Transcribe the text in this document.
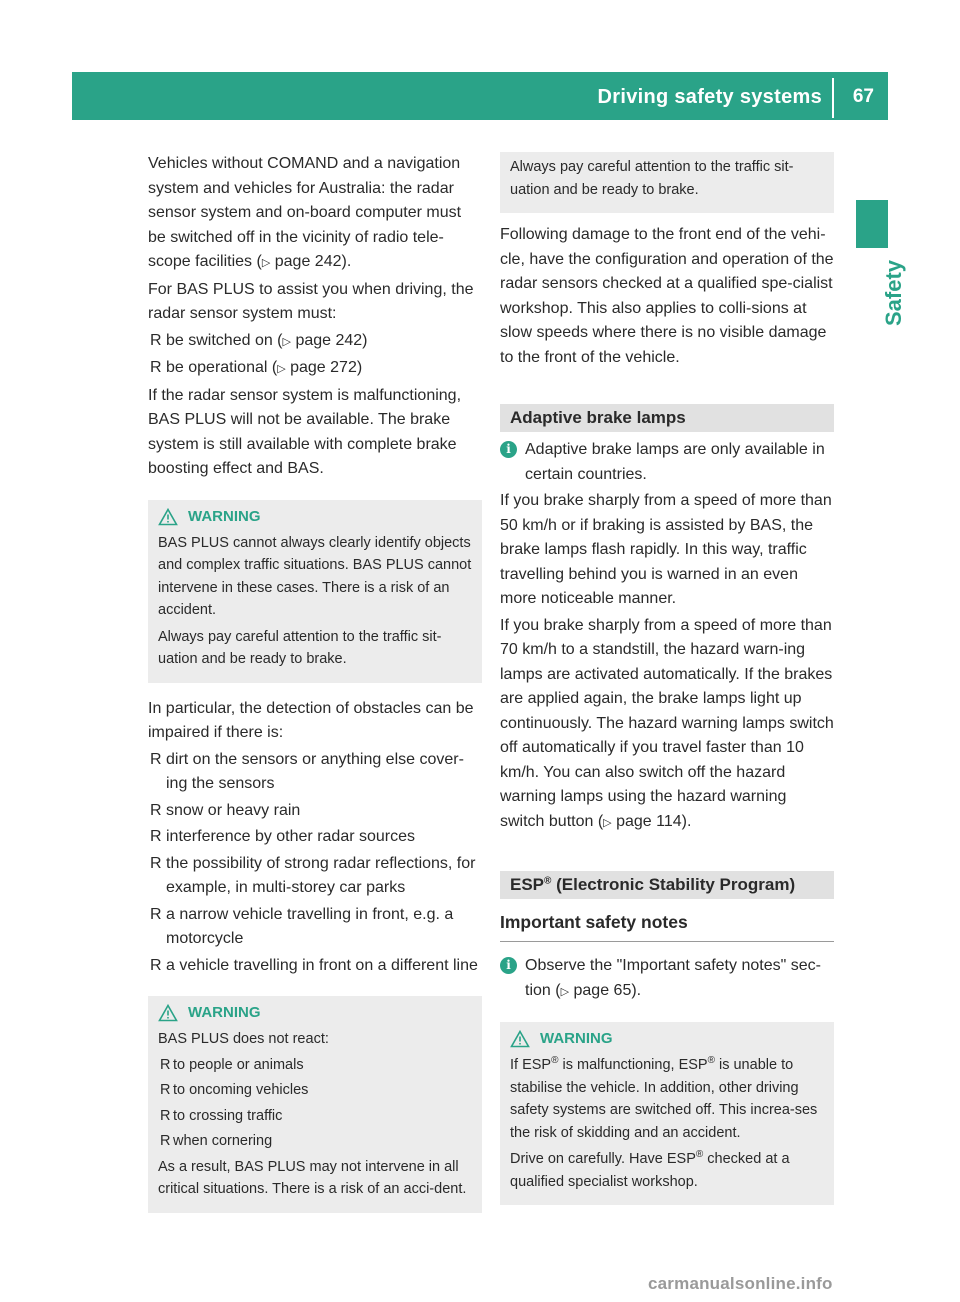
Driving safety systems 67
Safety

Vehicles without COMAND and a navigation system and vehicles for Australia: the radar sensor system and on-board computer must be switched off in the vicinity of radio tele-scope facilities (▷ page 242).

For BAS PLUS to assist you when driving, the radar sensor system must:

R be switched on (▷ page 242)
R be operational (▷ page 272)

If the radar sensor system is malfunctioning, BAS PLUS will not be available. The brake system is still available with complete brake boosting effect and BAS.

WARNING

BAS PLUS cannot always clearly identify objects and complex traffic situations. BAS PLUS cannot intervene in these cases. There is a risk of an accident.

Always pay careful attention to the traffic sit-uation and be ready to brake.

In particular, the detection of obstacles can be impaired if there is:

R dirt on the sensors or anything else cover-ing the sensors
R snow or heavy rain
R interference by other radar sources
R the possibility of strong radar reflections, for example, in multi-storey car parks
R a narrow vehicle travelling in front, e.g. a motorcycle
R a vehicle travelling in front on a different line
WARNING

BAS PLUS does not react:

R to people or animals
R to oncoming vehicles
R to crossing traffic
R when cornering

As a result, BAS PLUS may not intervene in all critical situations. There is a risk of an acci-dent.

Always pay careful attention to the traffic sit-uation and be ready to brake.

Following damage to the front end of the vehi-cle, have the configuration and operation of the radar sensors checked at a qualified spe-cialist workshop. This also applies to colli-sions at slow speeds where there is no visible damage to the front of the vehicle.

Adaptive brake lamps
i Adaptive brake lamps are only available in certain countries.

If you brake sharply from a speed of more than 50 km/h or if braking is assisted by BAS, the brake lamps flash rapidly. In this way, traffic travelling behind you is warned in an even more noticeable manner.

If you brake sharply from a speed of more than 70 km/h to a standstill, the hazard warn-ing lamps are activated automatically. If the brakes are applied again, the brake lamps light up continuously. The hazard warning lamps switch off automatically if you travel faster than 10 km/h. You can also switch off the hazard warning lamps using the hazard warning switch button (▷ page 114).

ESP® (Electronic Stability Program)
Important safety notes
i Observe the "Important safety notes" sec-tion (▷ page 65).
WARNING

If ESP® is malfunctioning, ESP® is unable to stabilise the vehicle. In addition, other driving safety systems are switched off. This increa-ses the risk of skidding and an accident.

Drive on carefully. Have ESP® checked at a qualified specialist workshop.

carmanualsonline.info
